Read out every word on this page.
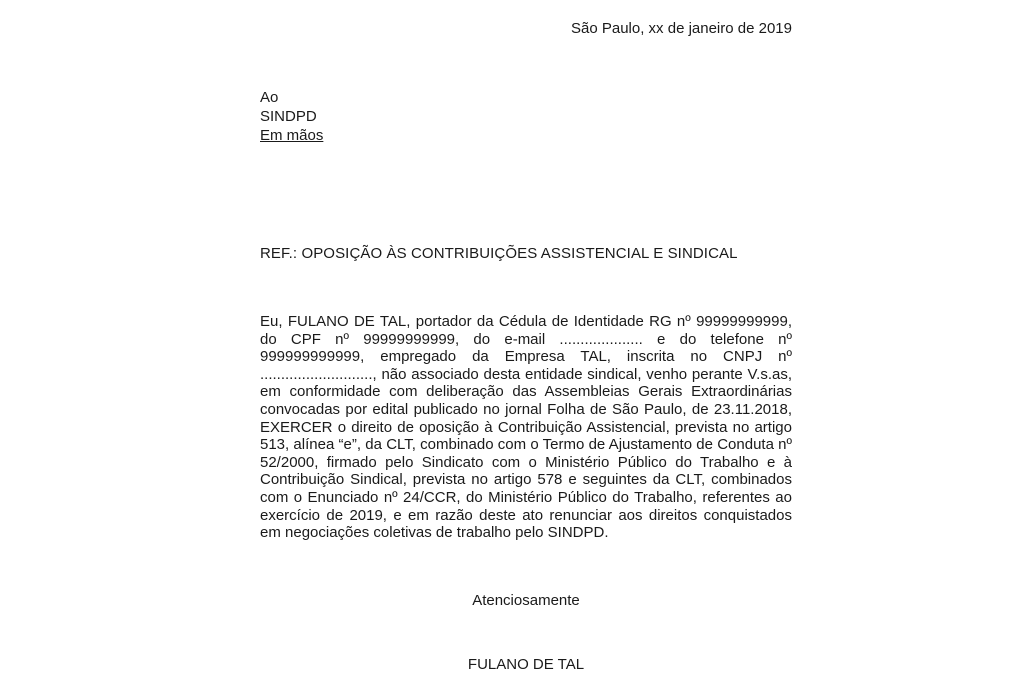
São Paulo, xx de janeiro de 2019
Ao
SINDPD
Em mãos
REF.: OPOSIÇÃO ÀS CONTRIBUIÇÕES ASSISTENCIAL E SINDICAL

Eu, FULANO DE TAL, portador da Cédula de Identidade RG nº 99999999999, do CPF nº 99999999999, do e-mail .................... e do telefone nº 999999999999, empregado da Empresa TAL, inscrita no CNPJ nº ..........................., não associado desta entidade sindical, venho perante V.s.as, em conformidade com deliberação das Assembleias Gerais Extraordinárias convocadas por edital publicado no jornal Folha de São Paulo, de 23.11.2018, EXERCER o direito de oposição à Contribuição Assistencial, prevista no artigo 513, alínea “e”, da CLT, combinado com o Termo de Ajustamento de Conduta nº 52/2000, firmado pelo Sindicato com o Ministério Público do Trabalho e à Contribuição Sindical, prevista no artigo 578 e seguintes da CLT, combinados com o Enunciado nº 24/CCR, do Ministério Público do Trabalho, referentes ao exercício de 2019, e em razão deste ato renunciar aos direitos conquistados em negociações coletivas de trabalho pelo SINDPD.

Atenciosamente
FULANO DE TAL
